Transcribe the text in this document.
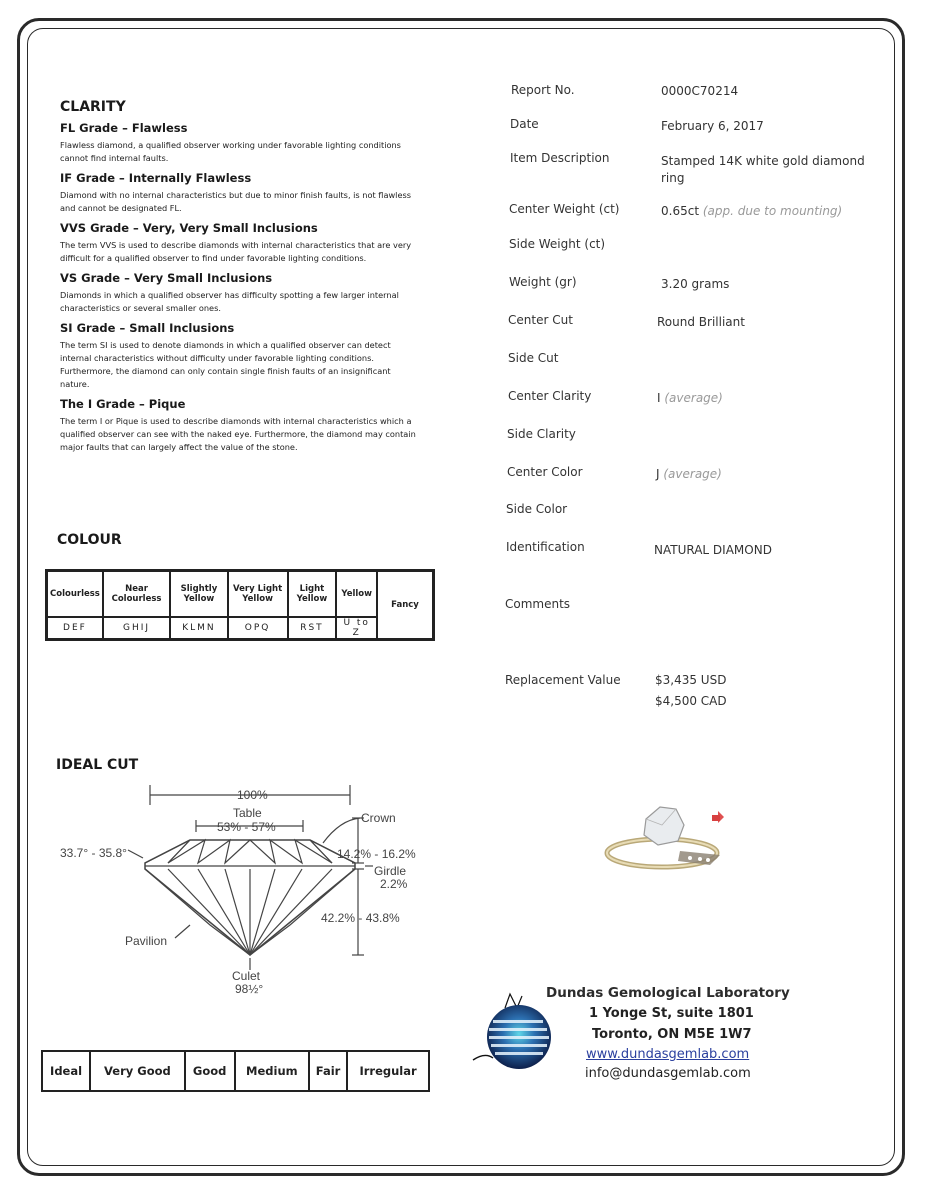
CLARITY
FL Grade – Flawless
Flawless diamond, a qualified observer working under favorable lighting conditions cannot find internal faults.
IF Grade – Internally Flawless
Diamond with no internal characteristics but due to minor finish faults, is not flawless and cannot be designated FL.
VVS Grade – Very, Very Small Inclusions
The term VVS is used to describe diamonds with internal characteristics that are very difficult for a qualified observer to find under favorable lighting conditions.
VS Grade – Very Small Inclusions
Diamonds in which a qualified observer has difficulty spotting a few larger internal characteristics or several smaller ones.
SI Grade – Small Inclusions
The term SI is used to denote diamonds in which a qualified observer can detect internal characteristics without difficulty under favorable lighting conditions. Furthermore, the diamond can only contain single finish faults of an insignificant nature.
The I Grade – Pique
The term I or Pique is used to describe diamonds with internal characteristics which a qualified observer can see with the naked eye. Furthermore, the diamond may contain major faults that can largely affect the value of the stone.
COLOUR
Colourless	Near Colourless	Slightly Yellow	Very Light Yellow	Light Yellow	Yellow	Fancy
DEF	GHIJ	KLMN	OPQ	RST	U to Z	
IDEAL CUT
100%
Table
53% - 57%
Crown
33.7° - 35.8°	14.2% - 16.2%
Girdle
2.2%
42.2% - 43.8%
Pavilion
Culet
98½°
Ideal	Very Good	Good	Medium	Fair	Irregular
Report No.	0000C70214
Date	February 6, 2017
Item Description	Stamped 14K white gold diamond ring
Center Weight (ct)	0.65ct (app. due to mounting)
Side Weight (ct)
Weight (gr)	3.20 grams
Center Cut	Round Brilliant
Side Cut
Center Clarity	I (average)
Side Clarity
Center Color	J (average)
Side Color
Identification	NATURAL DIAMOND
Comments
Replacement Value	$3,435 USD
$4,500 CAD
Dundas Gemological Laboratory
1 Yonge St, suite 1801
Toronto, ON M5E 1W7
www.dundasgemlab.com
info@dundasgemlab.com
